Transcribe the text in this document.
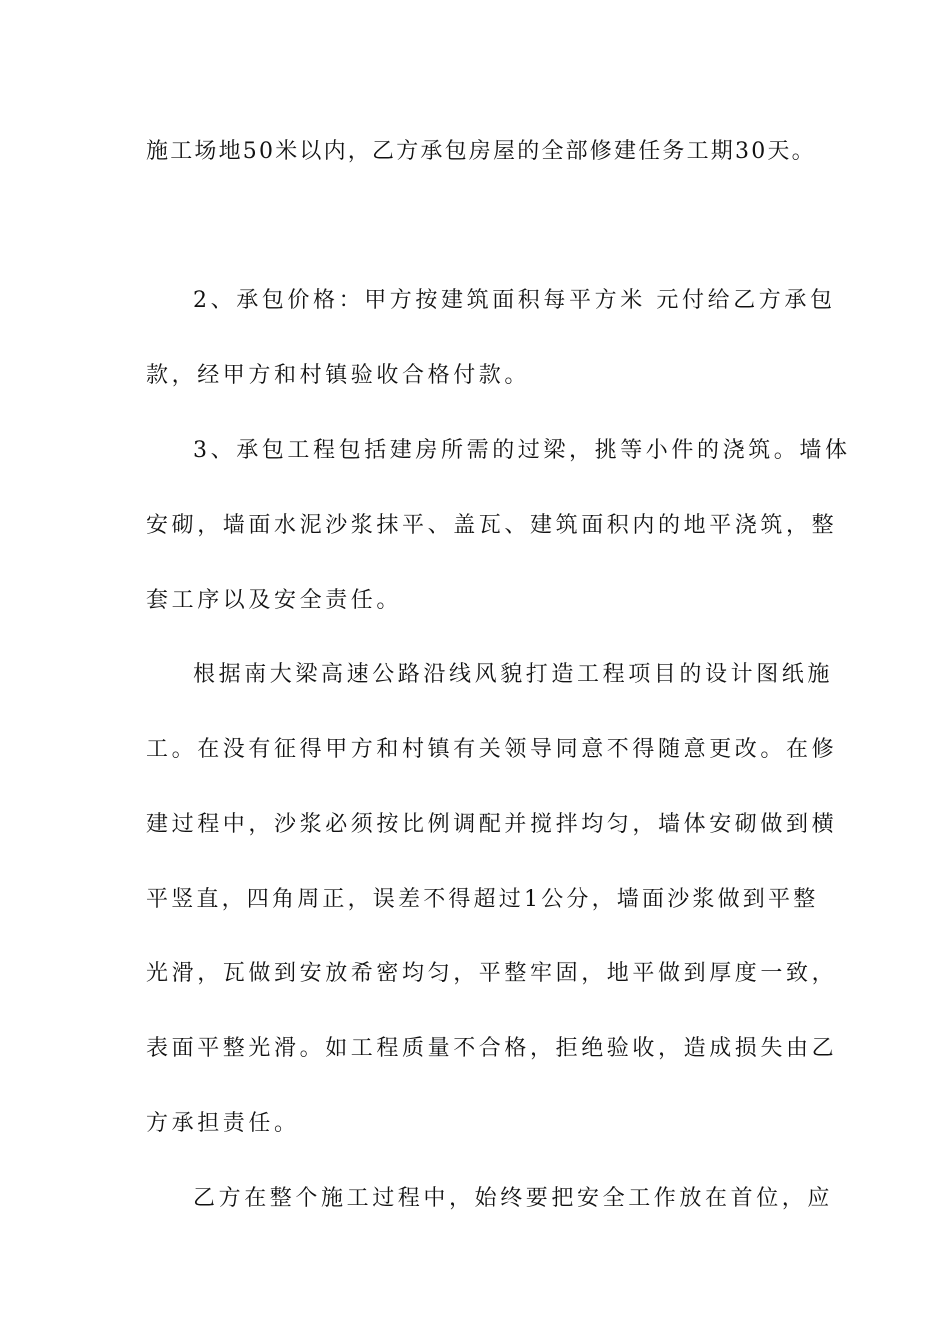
施工场地50米以内，乙方承包房屋的全部修建任务工期30天。
2、承包价格：甲方按建筑面积每平方米 元付给乙方承包
款，经甲方和村镇验收合格付款。
3、承包工程包括建房所需的过梁，挑等小件的浇筑。墙体
安砌，墙面水泥沙浆抹平、盖瓦、建筑面积内的地平浇筑，整
套工序以及安全责任。
根据南大梁高速公路沿线风貌打造工程项目的设计图纸施
工。在没有征得甲方和村镇有关领导同意不得随意更改。在修
建过程中，沙浆必须按比例调配并搅拌均匀，墙体安砌做到横
平竖直，四角周正，误差不得超过1公分，墙面沙浆做到平整
光滑，瓦做到安放希密均匀，平整牢固，地平做到厚度一致，
表面平整光滑。如工程质量不合格，拒绝验收，造成损失由乙
方承担责任。
乙方在整个施工过程中，始终要把安全工作放在首位，应
